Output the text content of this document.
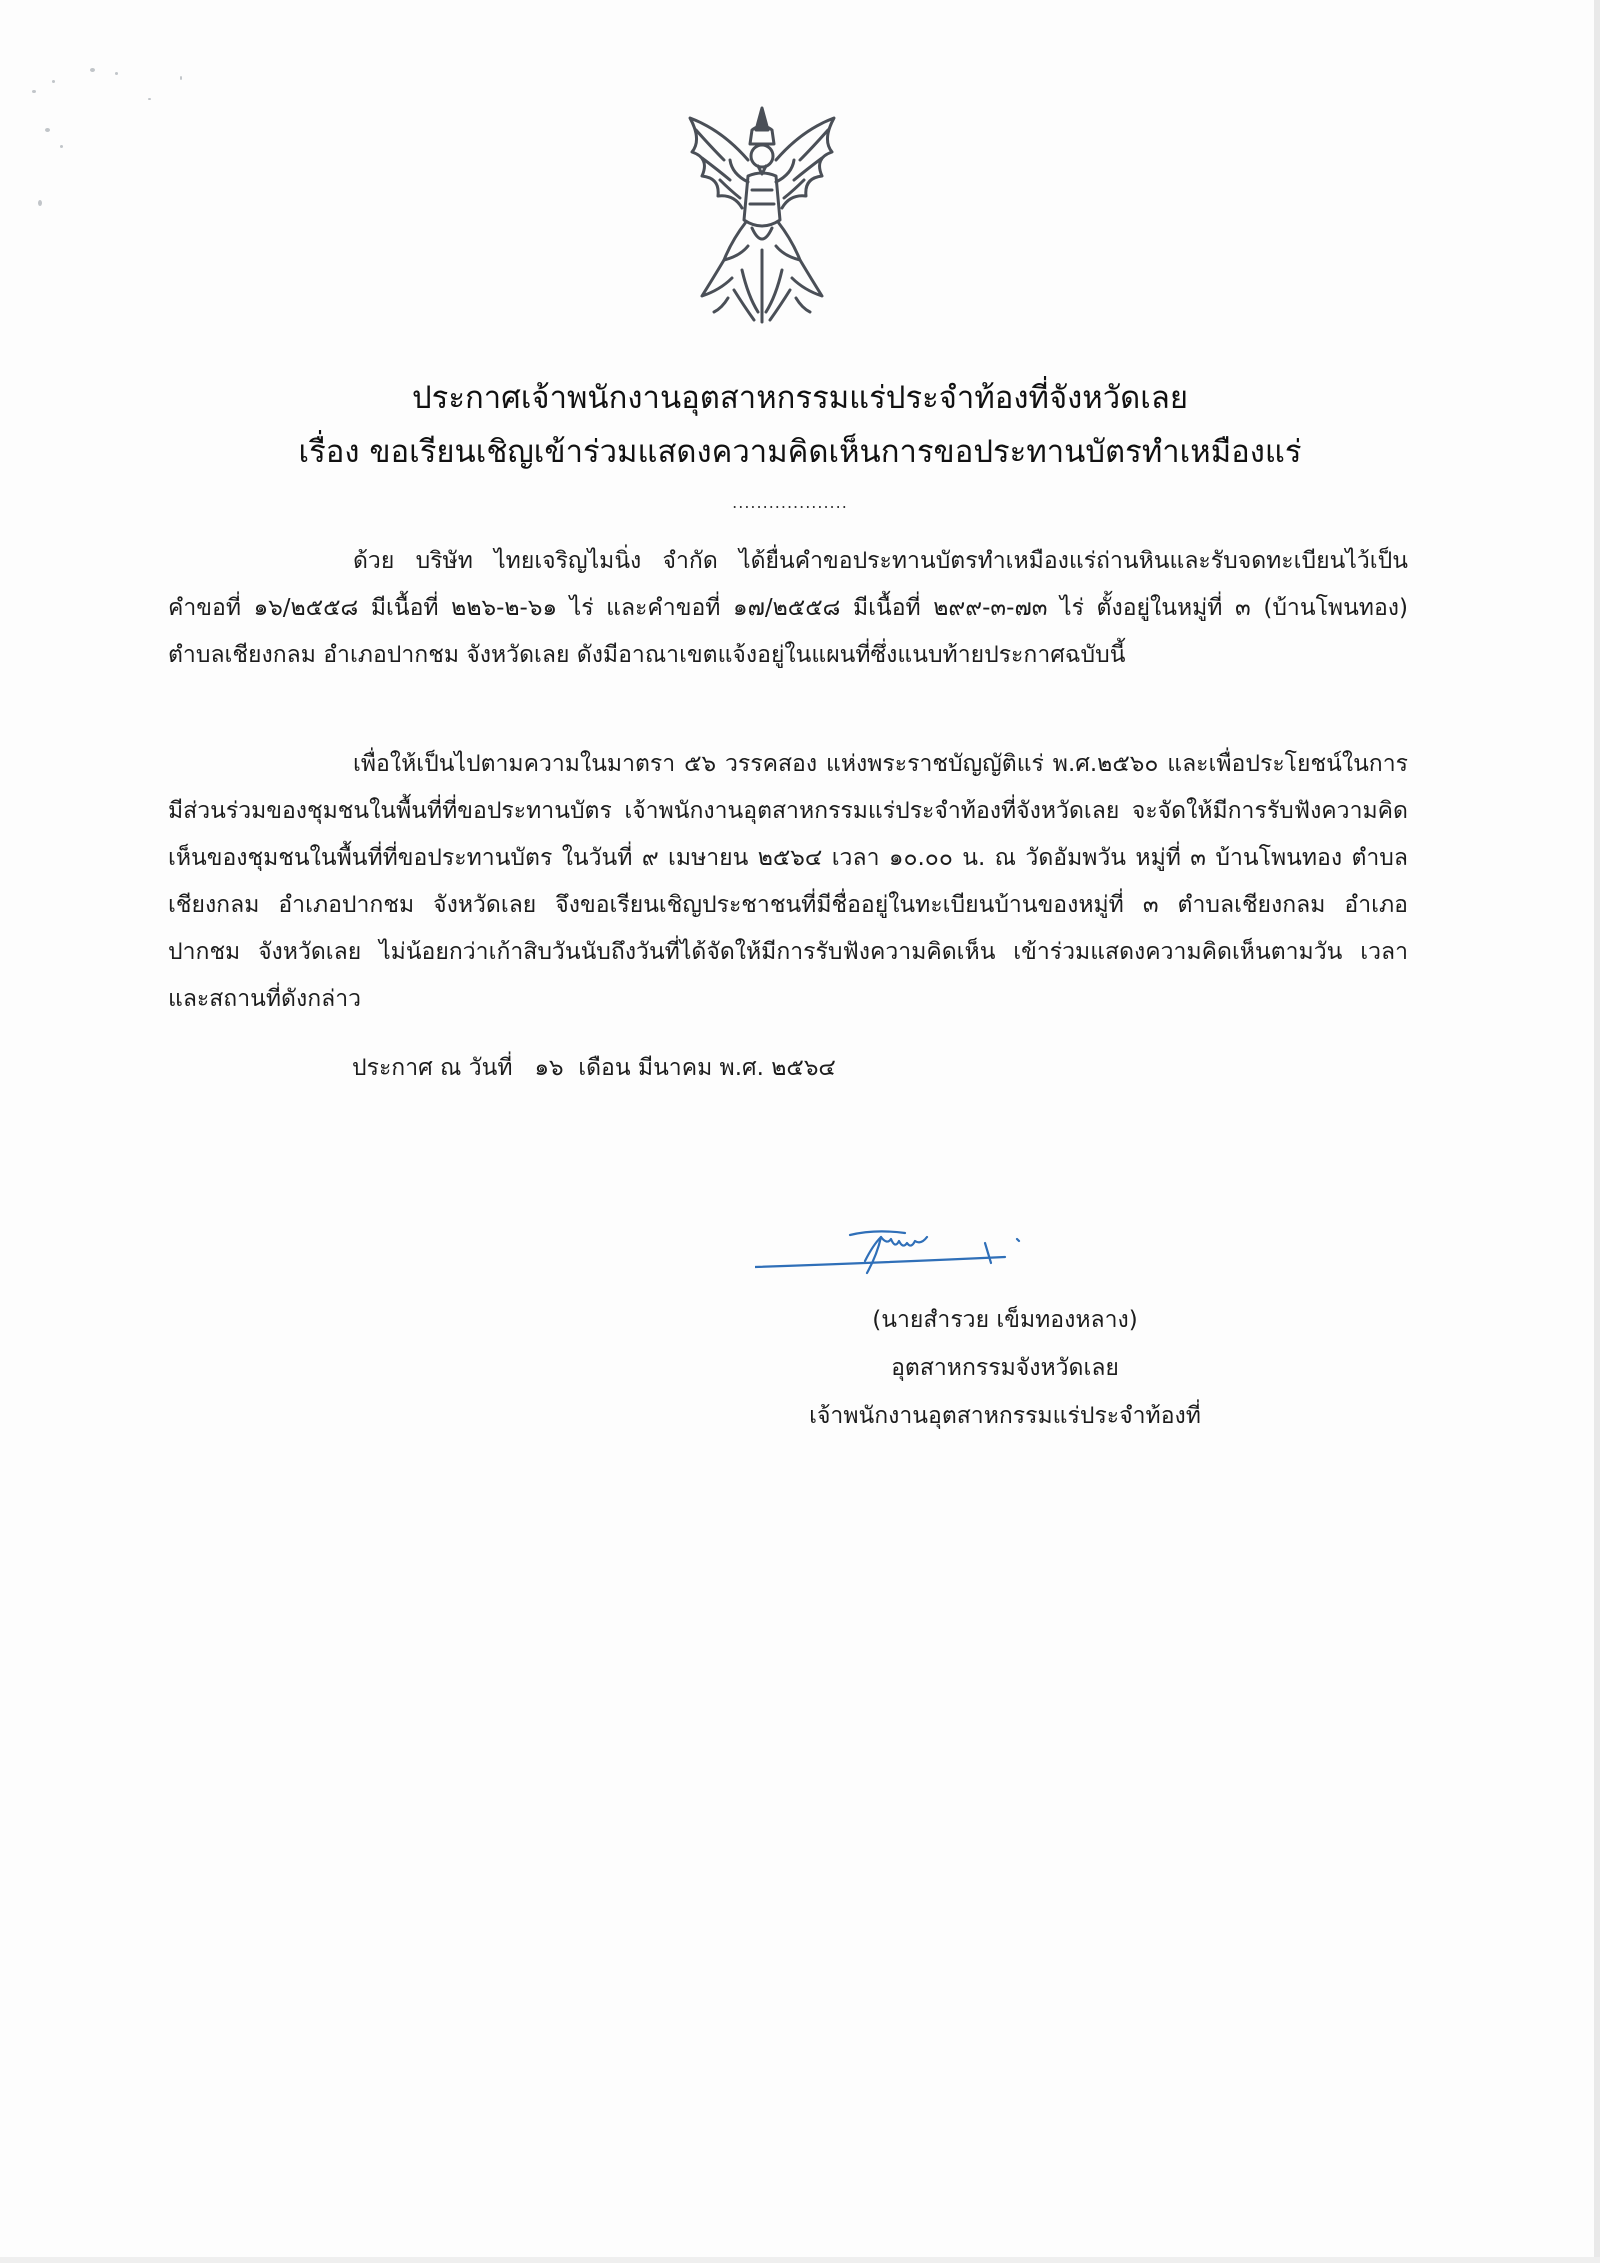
ประกาศเจ้าพนักงานอุตสาหกรรมแร่ประจำท้องที่จังหวัดเลย
เรื่อง ขอเรียนเชิญเข้าร่วมแสดงความคิดเห็นการขอประทานบัตรทำเหมืองแร่
...................
ด้วย บริษัท ไทยเจริญไมนิ่ง จำกัด ได้ยื่นคำขอประทานบัตรทำเหมืองแร่ถ่านหินและรับจดทะเบียนไว้เป็นคำขอที่ ๑๖/๒๕๕๘ มีเนื้อที่ ๒๒๖-๒-๖๑ ไร่ และคำขอที่ ๑๗/๒๕๕๘ มีเนื้อที่ ๒๙๙-๓-๗๓ ไร่ ตั้งอยู่ในหมู่ที่ ๓ (บ้านโพนทอง) ตำบลเชียงกลม อำเภอปากชม จังหวัดเลย ดังมีอาณาเขตแจ้งอยู่ในแผนที่ซึ่งแนบท้ายประกาศฉบับนี้
เพื่อให้เป็นไปตามความในมาตรา ๕๖ วรรคสอง แห่งพระราชบัญญัติแร่ พ.ศ.๒๕๖๐ และเพื่อประโยชน์ในการมีส่วนร่วมของชุมชนในพื้นที่ที่ขอประทานบัตร เจ้าพนักงานอุตสาหกรรมแร่ประจำท้องที่จังหวัดเลย จะจัดให้มีการรับฟังความคิดเห็นของชุมชนในพื้นที่ที่ขอประทานบัตร ในวันที่ ๙ เมษายน ๒๕๖๔ เวลา ๑๐.๐๐ น. ณ วัดอัมพวัน หมู่ที่ ๓ บ้านโพนทอง ตำบลเชียงกลม อำเภอปากชม จังหวัดเลย จึงขอเรียนเชิญประชาชนที่มีชื่ออยู่ในทะเบียนบ้านของหมู่ที่ ๓ ตำบลเชียงกลม อำเภอปากชม จังหวัดเลย ไม่น้อยกว่าเก้าสิบวันนับถึงวันที่ได้จัดให้มีการรับฟังความคิดเห็น เข้าร่วมแสดงความคิดเห็นตามวัน เวลา และสถานที่ดังกล่าว
ประกาศ ณ วันที่   ๑๖  เดือน มีนาคม พ.ศ. ๒๕๖๔
(นายสำรวย เข็มทองหลาง)
อุตสาหกรรมจังหวัดเลย
เจ้าพนักงานอุตสาหกรรมแร่ประจำท้องที่
